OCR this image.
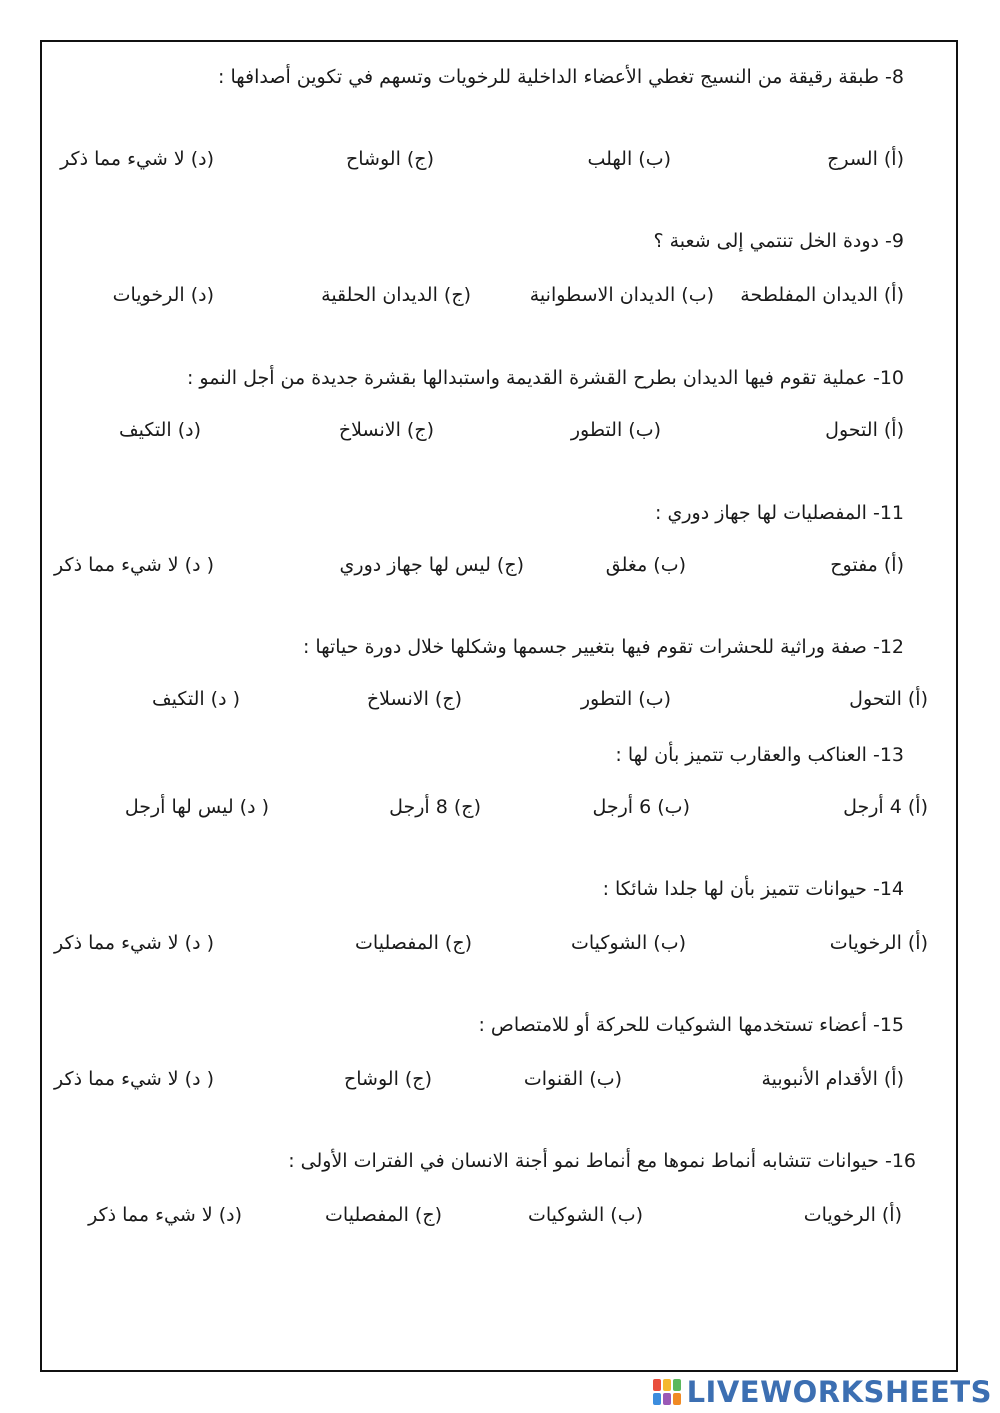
8- طبقة رقيقة من النسيج تغطي الأعضاء الداخلية للرخويات وتسهم في تكوين أصدافها :
(أ) السرج
(ب) الهلب
(ج) الوشاح
(د) لا شيء مما ذكر
9- دودة الخل تنتمي إلى شعبة ؟
(أ) الديدان المفلطحة
(ب) الديدان الاسطوانية
(ج) الديدان الحلقية
(د) الرخويات
10- عملية تقوم فيها الديدان بطرح القشرة القديمة واستبدالها بقشرة جديدة من أجل النمو :
(أ) التحول
(ب) التطور
(ج) الانسلاخ
(د) التكيف
11- المفصليات لها جهاز دوري :
(أ) مفتوح
(ب) مغلق
(ج) ليس لها جهاز دوري
( د) لا شيء مما ذكر
12- صفة وراثية للحشرات تقوم فيها بتغيير جسمها وشكلها خلال دورة حياتها :
(أ) التحول
(ب) التطور
(ج) الانسلاخ
( د) التكيف
13- العناكب والعقارب تتميز بأن لها :
(أ) 4 أرجل
(ب) 6 أرجل
(ج) 8 أرجل
( د) ليس لها أرجل
14- حيوانات تتميز بأن لها جلدا شائكا :
(أ) الرخويات
(ب) الشوكيات
(ج) المفصليات
( د) لا شيء مما ذكر
15- أعضاء تستخدمها الشوكيات للحركة أو للامتصاص :
(أ) الأقدام الأنبوبية
(ب) القنوات
(ج) الوشاح
( د) لا شيء مما ذكر
16- حيوانات تتشابه أنماط نموها مع أنماط نمو أجنة الانسان في الفترات الأولى :
(أ) الرخويات
(ب) الشوكيات
(ج) المفصليات
(د) لا شيء مما ذكر
LIVEWORKSHEETS
